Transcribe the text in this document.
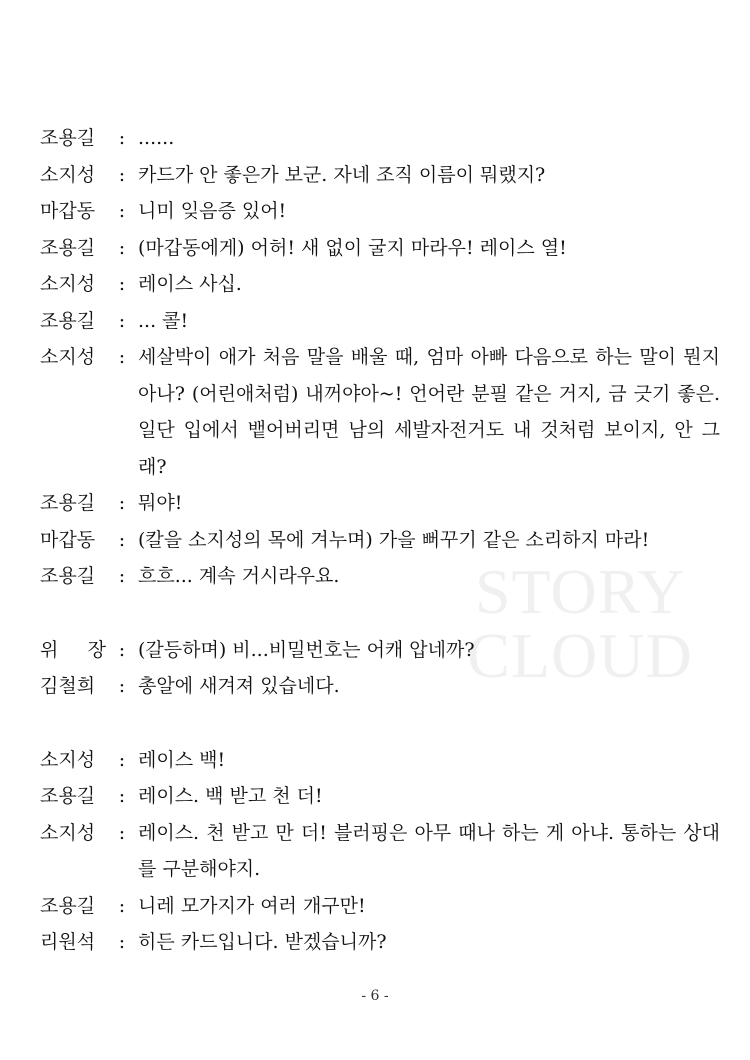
STORY
CLOUD
조용길	: ......
소지성	: 카드가 안 좋은가 보군. 자네 조직 이름이 뭐랬지?
마갑동	: 니미 잊음증 있어!
조용길	: (마갑동에게) 어허! 새 없이 굴지 마라우! 레이스 열!
소지성	: 레이스 사십.
조용길	: ... 콜!
소지성	: 세살박이 애가 처음 말을 배울 때, 엄마 아빠 다음으로 하는 말이 뭔지 아나? (어린애처럼) 내꺼야아~! 언어란 분필 같은 거지, 금 긋기 좋은. 일단 입에서 뱉어버리면 남의 세발자전거도 내 것처럼 보이지, 안 그래?
조용길	: 뭐야!
마갑동	: (칼을 소지성의 목에 겨누며) 가을 뻐꾸기 같은 소리하지 마라!
조용길	: 흐흐... 계속 거시라우요.
위 장 : (갈등하며) 비...비밀번호는 어캐 압네까?
김철희	: 총알에 새겨져 있습네다.
소지성	: 레이스 백!
조용길	: 레이스. 백 받고 천 더!
소지성	: 레이스. 천 받고 만 더! 블러핑은 아무 때나 하는 게 아냐. 통하는 상대를 구분해야지.
조용길	: 니레 모가지가 여러 개구만!
리원석	: 히든 카드입니다. 받겠습니까?
- 6 -
